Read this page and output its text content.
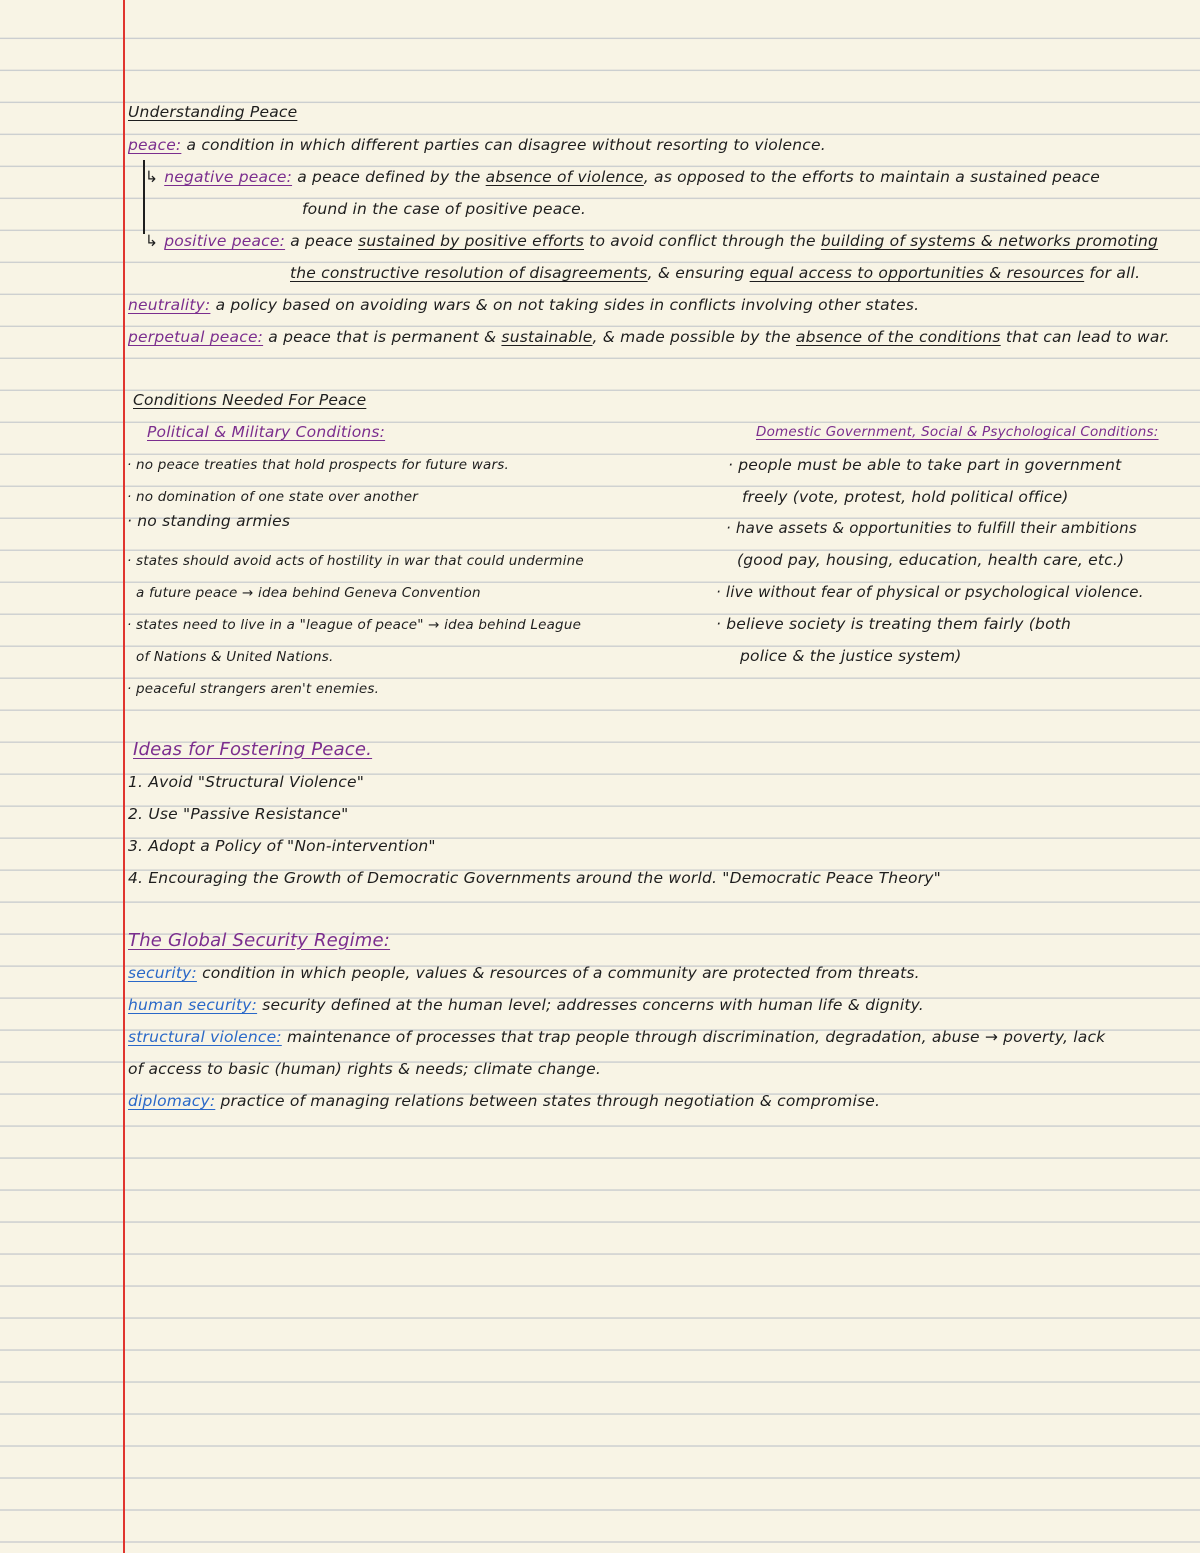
Understanding Peace
peace: a condition in which different parties can disagree without resorting to violence.
↳ negative peace: a peace defined by the absence of violence, as opposed to the efforts to maintain a sustained peace
found in the case of positive peace.
↳ positive peace: a peace sustained by positive efforts to avoid conflict through the building of systems & networks promoting
the constructive resolution of disagreements, & ensuring equal access to opportunities & resources for all.
neutrality: a policy based on avoiding wars & on not taking sides in conflicts involving other states.
perpetual peace: a peace that is permanent & sustainable, & made possible by the absence of the conditions that can lead to war.
Conditions Needed For Peace
Political & Military Conditions:	Domestic Government, Social & Psychological Conditions:
· no peace treaties that hold prospects for future wars.
· no domination of one state over another
· no standing armies
· states should avoid acts of hostility in war that could undermine
a future peace → idea behind Geneva Convention
· states need to live in a "league of peace" → idea behind League
of Nations & United Nations.
· peaceful strangers aren't enemies.
· people must be able to take part in government
freely (vote, protest, hold political office)
· have assets & opportunities to fulfill their ambitions
(good pay, housing, education, health care, etc.)
· live without fear of physical or psychological violence.
· believe society is treating them fairly (both
police & the justice system)
Ideas for Fostering Peace.
1. Avoid "Structural Violence"
2. Use "Passive Resistance"
3. Adopt a Policy of "Non-intervention"
4. Encouraging the Growth of Democratic Governments around the world. "Democratic Peace Theory"
The Global Security Regime:
security: condition in which people, values & resources of a community are protected from threats.
human security: security defined at the human level; addresses concerns with human life & dignity.
structural violence: maintenance of processes that trap people through discrimination, degradation, abuse → poverty, lack
of access to basic (human) rights & needs; climate change.
diplomacy: practice of managing relations between states through negotiation & compromise.
